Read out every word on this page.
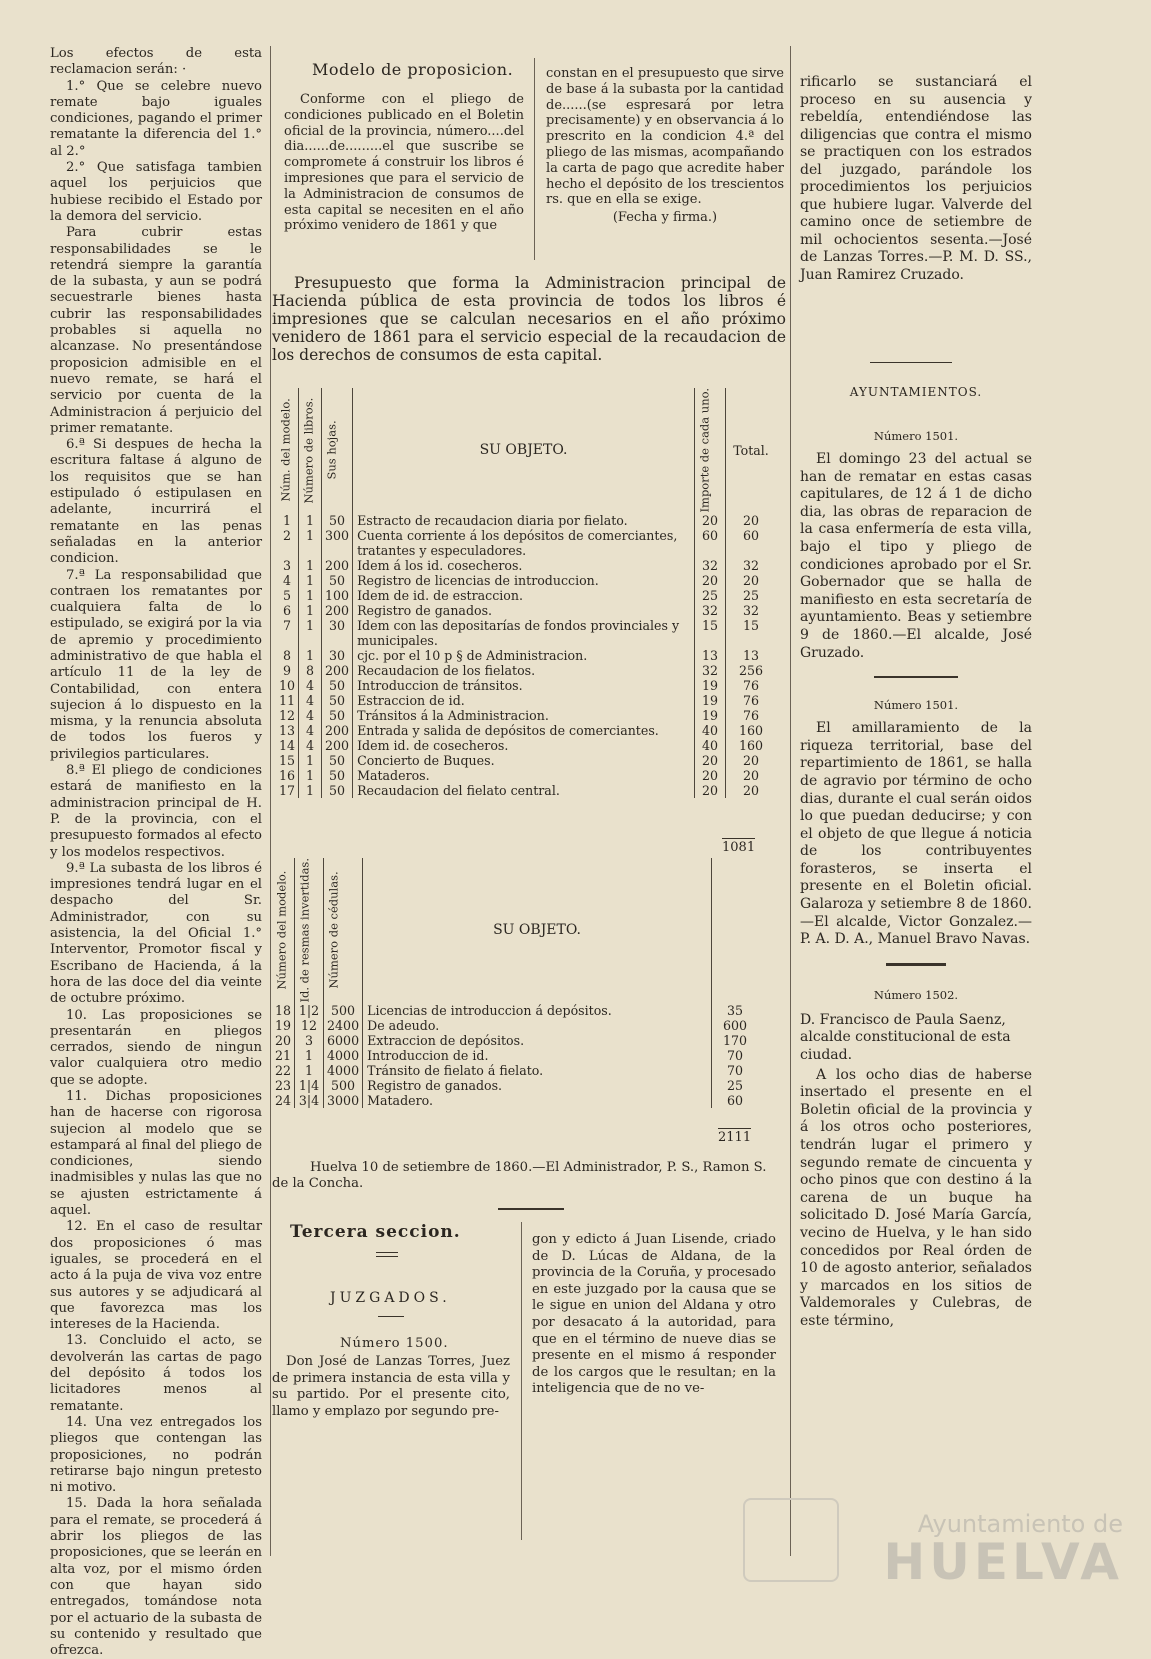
Los efectos de esta reclamacion serán: ·

1.° Que se celebre nuevo remate bajo iguales condiciones, pagando el primer rematante la diferencia del 1.° al 2.°

2.° Que satisfaga tambien aquel los perjuicios que hubiese recibido el Estado por la demora del servicio.

Para cubrir estas responsabilidades se le retendrá siempre la garantía de la subasta, y aun se podrá secuestrarle bienes hasta cubrir las responsabilidades probables si aquella no alcanzase. No presentándose proposicion admisible en el nuevo remate, se hará el servicio por cuenta de la Administracion á perjuicio del primer rematante.

6.ª Si despues de hecha la escritura faltase á alguno de los requisitos que se han estipulado ó estipulasen en adelante, incurrirá el rematante en las penas señaladas en la anterior condicion.

7.ª La responsabilidad que contraen los rematantes por cualquiera falta de lo estipulado, se exigirá por la via de apremio y procedimiento administrativo de que habla el artículo 11 de la ley de Contabilidad, con entera sujecion á lo dispuesto en la misma, y la renuncia absoluta de todos los fueros y privilegios particulares.

8.ª El pliego de condiciones estará de manifiesto en la administracion principal de H. P. de la provincia, con el presupuesto formados al efecto y los modelos respectivos.

9.ª La subasta de los libros é impresiones tendrá lugar en el despacho del Sr. Administrador, con su asistencia, la del Oficial 1.° Interventor, Promotor fiscal y Escribano de Hacienda, á la hora de las doce del dia veinte de octubre próximo.

10. Las proposiciones se presentarán en pliegos cerrados, siendo de ningun valor cualquiera otro medio que se adopte.

11. Dichas proposiciones han de hacerse con rigorosa sujecion al modelo que se estampará al final del pliego de condiciones, siendo inadmisibles y nulas las que no se ajusten estrictamente á aquel.

12. En el caso de resultar dos proposiciones ó mas iguales, se procederá en el acto á la puja de viva voz entre sus autores y se adjudicará al que favorezca mas los intereses de la Hacienda.

13. Concluido el acto, se devolverán las cartas de pago del depósito á todos los licitadores menos al rematante.

14. Una vez entregados los pliegos que contengan las proposiciones, no podrán retirarse bajo ningun pretesto ni motivo.

15. Dada la hora señalada para el remate, se procederá á abrir los pliegos de las proposiciones, que se leerán en alta voz, por el mismo órden con que hayan sido entregados, tomándose nota por el actuario de la subasta de su contenido y resultado que ofrezca.

Modelo de proposicion.
Conforme con el pliego de condiciones publicado en el Boletin oficial de la provincia, número....del dia......de.........el que suscribe se compromete á construir los libros é impresiones que para el servicio de la Administracion de consumos de esta capital se necesiten en el año próximo venidero de 1861 y que
constan en el presupuesto que sirve de base á la subasta por la cantidad de......(se espresará por letra precisamente) y en observancia á lo prescrito en la condicion 4.ª del pliego de las mismas, acompañando la carta de pago que acredite haber hecho el depósito de los trescientos rs. que en ella se exige.
(Fecha y firma.)
Presupuesto que forma la Administracion principal de Hacienda pública de esta provincia de todos los libros é impresiones que se calculan necesarios en el año próximo venidero de 1861 para el servicio especial de la recaudacion de los derechos de consumos de esta capital.
Núm. del modelo.	Número de libros.	Sus hojas.	SU OBJETO.	Importe de cada uno.	Total.
1	1	50	Estracto de recaudacion diaria por fielato.	20	20
2	1	300	Cuenta corriente á los depósitos de comerciantes, tratantes y especuladores.	60	60
3	1	200	Idem á los id. cosecheros.	32	32
4	1	50	Registro de licencias de introduccion.	20	20
5	1	100	Idem de id. de estraccion.	25	25
6	1	200	Registro de ganados.	32	32
7	1	30	Idem con las depositarías de fondos provinciales y municipales.	15	15
8	1	30	cjc. por el 10 p § de Administracion.	13	13
9	8	200	Recaudacion de los fielatos.	32	256
10	4	50	Introduccion de tránsitos.	19	76
11	4	50	Estraccion de id.	19	76
12	4	50	Tránsitos á la Administracion.	19	76
13	4	200	Entrada y salida de depósitos de comerciantes.	40	160
14	4	200	Idem id. de cosecheros.	40	160
15	1	50	Concierto de Buques.	20	20
16	1	50	Mataderos.	20	20
17	1	50	Recaudacion del fielato central.	20	20
1081
Número del modelo.	Id. de resmas invertidas.	Número de cédulas.	SU OBJETO.	
18	1|2	500	Licencias de introduccion á depósitos.	35
19	12	2400	De adeudo.	600
20	3	6000	Extraccion de depósitos.	170
21	1	4000	Introduccion de id.	70
22	1	4000	Tránsito de fielato á fielato.	70
23	1|4	500	Registro de ganados.	25
24	3|4	3000	Matadero.	60
2111
Huelva 10 de setiembre de 1860.—El Administrador, P. S., Ramon S. de la Concha.
Tercera seccion.
JUZGADOS.
Número 1500.
Don José de Lanzas Torres, Juez de primera instancia de esta villa y su partido. Por el presente cito, llamo y emplazo por segundo pre-
gon y edicto á Juan Lisende, criado de D. Lúcas de Aldana, de la provincia de la Coruña, y procesado en este juzgado por la causa que se le sigue en union del Aldana y otro por desacato á la autoridad, para que en el término de nueve dias se presente en el mismo á responder de los cargos que le resultan; en la inteligencia que de no ve-
rificarlo se sustanciará el proceso en su ausencia y rebeldía, entendiéndose las diligencias que contra el mismo se practiquen con los estrados del juzgado, parándole los procedimientos los perjuicios que hubiere lugar. Valverde del camino once de setiembre de mil ochocientos sesenta.—José de Lanzas Torres.—P. M. D. SS., Juan Ramirez Cruzado.
AYUNTAMIENTOS.
Número 1501.
El domingo 23 del actual se han de rematar en estas casas capitulares, de 12 á 1 de dicho dia, las obras de reparacion de la casa enfermería de esta villa, bajo el tipo y pliego de condiciones aprobado por el Sr. Gobernador que se halla de manifiesto en esta secretaría de ayuntamiento. Beas y setiembre 9 de 1860.—El alcalde, José Gruzado.
Número 1501.
El amillaramiento de la riqueza territorial, base del repartimiento de 1861, se halla de agravio por término de ocho dias, durante el cual serán oidos lo que puedan deducirse; y con el objeto de que llegue á noticia de los contribuyentes forasteros, se inserta el presente en el Boletin oficial. Galaroza y setiembre 8 de 1860.—El alcalde, Victor Gonzalez.—P. A. D. A., Manuel Bravo Navas.
Número 1502.
D. Francisco de Paula Saenz, alcalde constitucional de esta ciudad.
A los ocho dias de haberse insertado el presente en el Boletin oficial de la provincia y á los otros ocho posteriores, tendrán lugar el primero y segundo remate de cincuenta y ocho pinos que con destino á la carena de un buque ha solicitado D. José María García, vecino de Huelva, y le han sido concedidos por Real órden de 10 de agosto anterior, señalados y marcados en los sitios de Valdemorales y Culebras, de este término,
Ayuntamiento de
HUELVA
